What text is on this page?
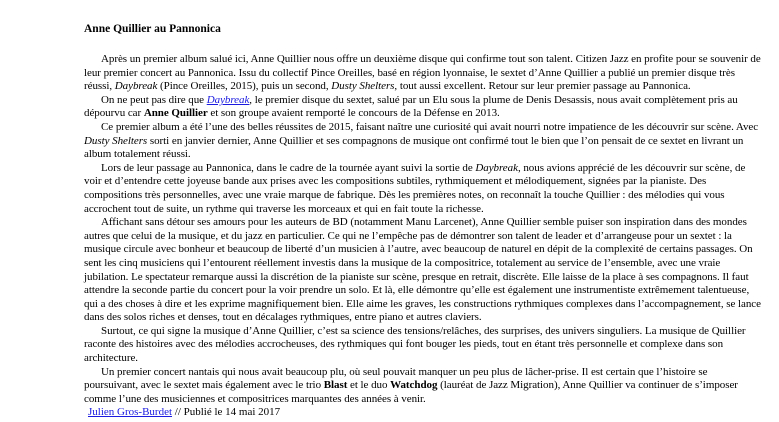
Anne Quillier au Pannonica

Après un premier album salué ici, Anne Quillier nous offre un deuxième disque qui confirme tout son talent. Citizen Jazz en profite pour se souvenir de leur premier concert au Pannonica. Issu du collectif Pince Oreilles, basé en région lyonnaise, le sextet d’Anne Quillier a publié un premier disque très réussi, Daybreak (Pince Oreilles, 2015), puis un second, Dusty Shelters, tout aussi excellent. Retour sur leur premier passage au Pannonica.

On ne peut pas dire que Daybreak, le premier disque du sextet, salué par un Elu sous la plume de Denis Desassis, nous avait complètement pris au dépourvu car Anne Quillier et son groupe avaient remporté le concours de la Défense en 2013.

Ce premier album a été l’une des belles réussites de 2015, faisant naître une curiosité qui avait nourri notre impatience de les découvrir sur scène. Avec Dusty Shelters sorti en janvier dernier, Anne Quillier et ses compagnons de musique ont confirmé tout le bien que l’on pensait de ce sextet en livrant un album totalement réussi.

Lors de leur passage au Pannonica, dans le cadre de la tournée ayant suivi la sortie de Daybreak, nous avions apprécié de les découvrir sur scène, de voir et d’entendre cette joyeuse bande aux prises avec les compositions subtiles, rythmiquement et mélodiquement, signées par la pianiste. Des compositions très personnelles, avec une vraie marque de fabrique. Dès les premières notes, on reconnaît la touche Quillier : des mélodies qui vous accrochent tout de suite, un rythme qui traverse les morceaux et qui en fait toute la richesse.

Affichant sans détour ses amours pour les auteurs de BD (notamment Manu Larcenet), Anne Quillier semble puiser son inspiration dans des mondes autres que celui de la musique, et du jazz en particulier. Ce qui ne l’empêche pas de démontrer son talent de leader et d’arrangeuse pour un sextet : la musique circule avec bonheur et beaucoup de liberté d’un musicien à l’autre, avec beaucoup de naturel en dépit de la complexité de certains passages. On sent les cinq musiciens qui l’entourent réellement investis dans la musique de la compositrice, totalement au service de l’ensemble, avec une vraie jubilation. Le spectateur remarque aussi la discrétion de la pianiste sur scène, presque en retrait, discrète. Elle laisse de la place à ses compagnons. Il faut attendre la seconde partie du concert pour la voir prendre un solo. Et là, elle démontre qu’elle est également une instrumentiste extrêmement talentueuse, qui a des choses à dire et les exprime magnifiquement bien. Elle aime les graves, les constructions rythmiques complexes dans l’accompagnement, se lance dans des solos riches et denses, tout en décalages rythmiques, entre piano et autres claviers.

Surtout, ce qui signe la musique d’Anne Quillier, c’est sa science des tensions/relâches, des surprises, des univers singuliers. La musique de Quillier raconte des histoires avec des mélodies accrocheuses, des rythmiques qui font bouger les pieds, tout en étant très personnelle et complexe dans son architecture.

Un premier concert nantais qui nous avait beaucoup plu, où seul pouvait manquer un peu plus de lâcher-prise. Il est certain que l’histoire se poursuivant, avec le sextet mais également avec le trio Blast et le duo Watchdog (lauréat de Jazz Migration), Anne Quillier va continuer de s’imposer comme l’une des musiciennes et compositrices marquantes des années à venir.

Julien Gros-Burdet // Publié le 14 mai 2017
